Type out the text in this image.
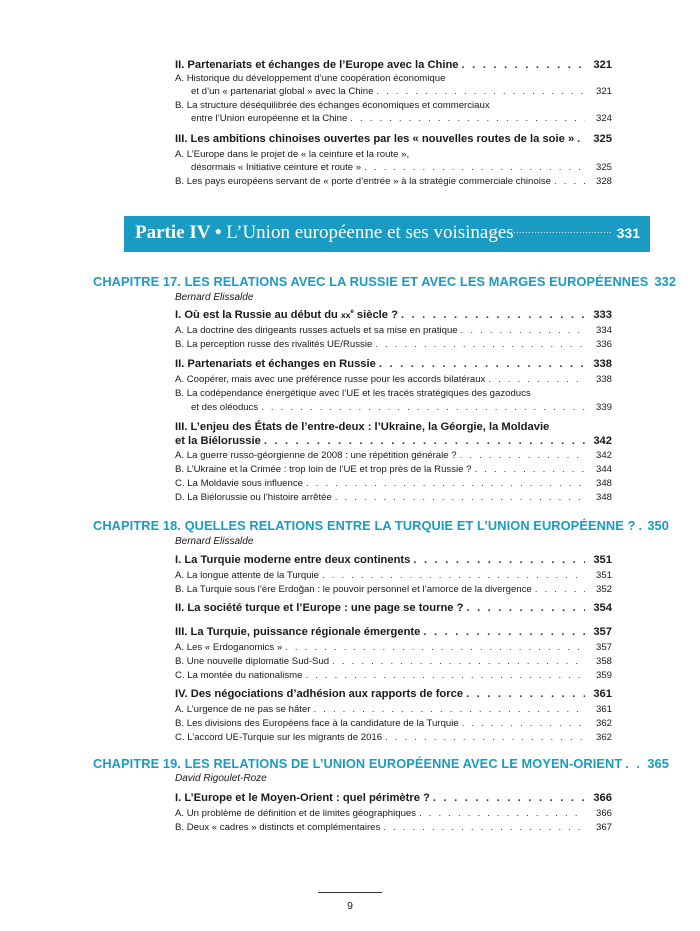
II. Partenariats et échanges de l’Europe avec la Chine . . .	321
A. Historique du développement d’une coopération économique
et d’un « partenariat global » avec la Chine . . .	321
B. La structure déséquilibrée des échanges économiques et commerciaux
entre l’Union européenne et la Chine . . .	324
III. Les ambitions chinoises ouvertes par les « nouvelles routes de la soie » . . . 325
A. L’Europe dans le projet de « la ceinture et la route »,
désormais « Initiative ceinture et route » . . .	325
B. Les pays européens servant de « porte d’entrée » à la stratégie commerciale chinoise . . .	328
Partie IV • L’Union européenne et ses voisinages .....	331
CHAPITRE 17. LES RELATIONS AVEC LA RUSSIE ET AVEC LES MARGES EUROPÉENNES 332
Bernard Elissalde
I. Où est la Russie au début du $xx^e$ siècle ? . . .	333
A. La doctrine des dirigeants russes actuels et sa mise en pratique . . .	334
B. La perception russe des rivalités UE/Russie . . .	336
II. Partenariats et échanges en Russie . . .	338
A. Coopérer, mais avec une préférence russe pour les accords bilatéraux . . .	338
B. La codépendance énergétique avec l’UE et les tracés stratégiques des gazoducs
et des oléoducs . . .	339
III. L’enjeu des États de l’entre-deux : l’Ukraine, la Géorgie, la Moldavie
et la Biélorussie . . .	342
A. La guerre russo-géorgienne de 2008 : une répétition générale ? . . .	342
B. L’Ukraine et la Crimée : trop loin de l’UE et trop près de la Russie ? . . .	344
C. La Moldavie sous influence . . .	348
D. La Biélorussie ou l’histoire arrêtée . . .	348
CHAPITRE 18. QUELLES RELATIONS ENTRE LA TURQUIE ET L’UNION EUROPÉENNE ? . . . 350
Bernard Elissalde
I. La Turquie moderne entre deux continents . . .	351
A. La longue attente de la Turquie . . .	351
B. La Turquie sous l’ère Erdoğan : le pouvoir personnel et l’amorce de la divergence . . .	352
II. La société turque et l’Europe : une page se tourne ? . . .	354
III. La Turquie, puissance régionale émergente . . .	357
A. Les « Erdoganomics » . . .	357
B. Une nouvelle diplomatie Sud-Sud . . .	358
C. La montée du nationalisme . . .	359
IV. Des négociations d’adhésion aux rapports de force . . .	361
A. L’urgence de ne pas se hâter . . .	361
B. Les divisions des Européens face à la candidature de la Turquie . . .	362
C. L’accord UE-Turquie sur les migrants de 2016 . . .	362
CHAPITRE 19. LES RELATIONS DE L’UNION EUROPÉENNE AVEC LE MOYEN-ORIENT . . . 365
David Rigoulet-Roze
I. L’Europe et le Moyen-Orient : quel périmètre ? . . .	366
A. Un problème de définition et de limites géographiques . . .	366
B. Deux « cadres » distincts et complémentaires . . .	367
9
